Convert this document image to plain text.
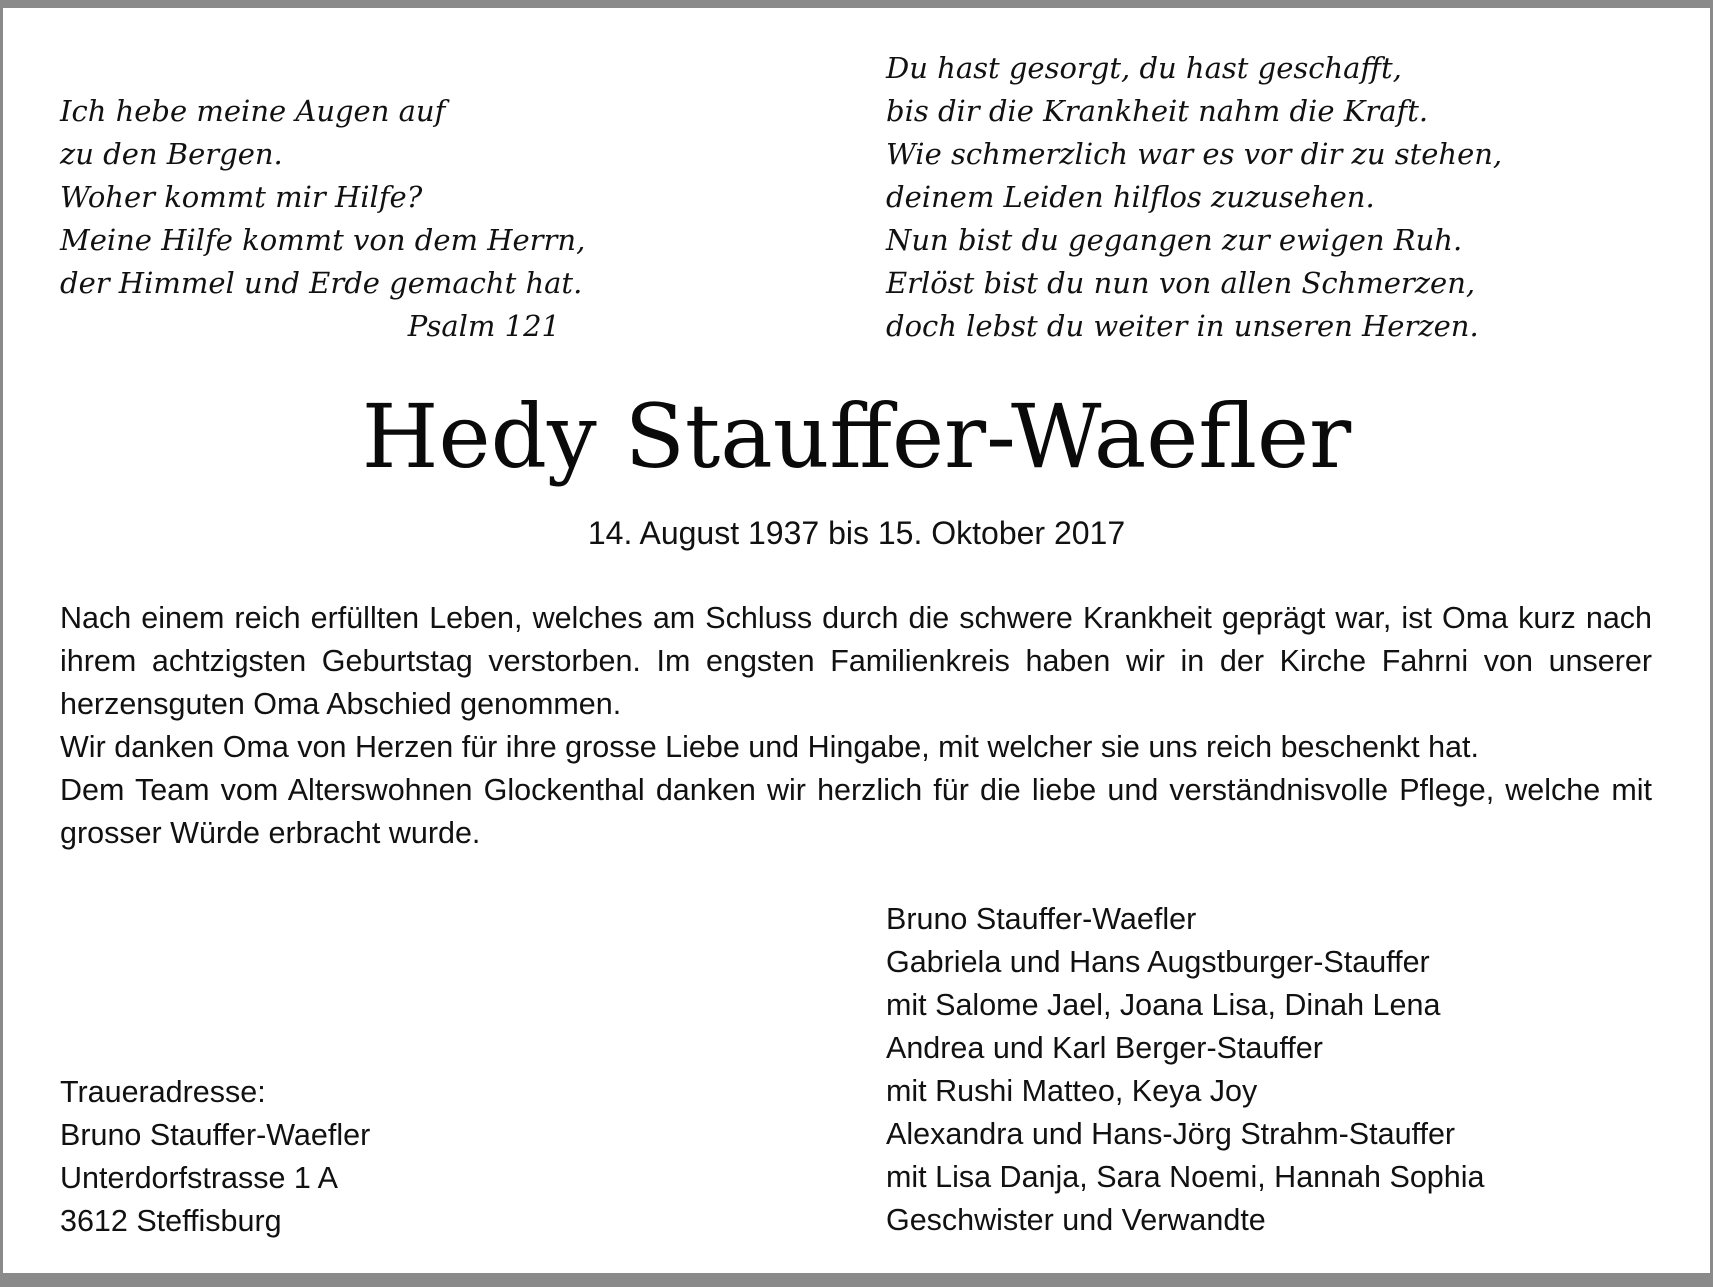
Ich hebe meine Augen auf
zu den Bergen.
Woher kommt mir Hilfe?
Meine Hilfe kommt von dem Herrn,
der Himmel und Erde gemacht hat.
Psalm 121
Du hast gesorgt, du hast geschafft,
bis dir die Krankheit nahm die Kraft.
Wie schmerzlich war es vor dir zu stehen,
deinem Leiden hilflos zuzusehen.
Nun bist du gegangen zur ewigen Ruh.
Erlöst bist du nun von allen Schmerzen,
doch lebst du weiter in unseren Herzen.
Hedy Stauffer-Waefler
14. August 1937 bis 15. Oktober 2017

Nach einem reich erfüllten Leben, welches am Schluss durch die schwere Krankheit geprägt war, ist Oma kurz nach ihrem achtzigsten Geburtstag verstorben. Im engsten Familienkreis haben wir in der Kirche Fahrni von unserer herzensguten Oma Abschied genommen.

Wir danken Oma von Herzen für ihre grosse Liebe und Hingabe, mit welcher sie uns reich beschenkt hat.

Dem Team vom Alterswohnen Glockenthal danken wir herzlich für die liebe und verständnisvolle Pflege, welche mit grosser Würde erbracht wurde.

Traueradresse:
Bruno Stauffer-Waefler
Unterdorfstrasse 1 A
3612 Steffisburg
Bruno Stauffer-Waefler
Gabriela und Hans Augstburger-Stauffer
mit Salome Jael, Joana Lisa, Dinah Lena
Andrea und Karl Berger-Stauffer
mit Rushi Matteo, Keya Joy
Alexandra und Hans-Jörg Strahm-Stauffer
mit Lisa Danja, Sara Noemi, Hannah Sophia
Geschwister und Verwandte
